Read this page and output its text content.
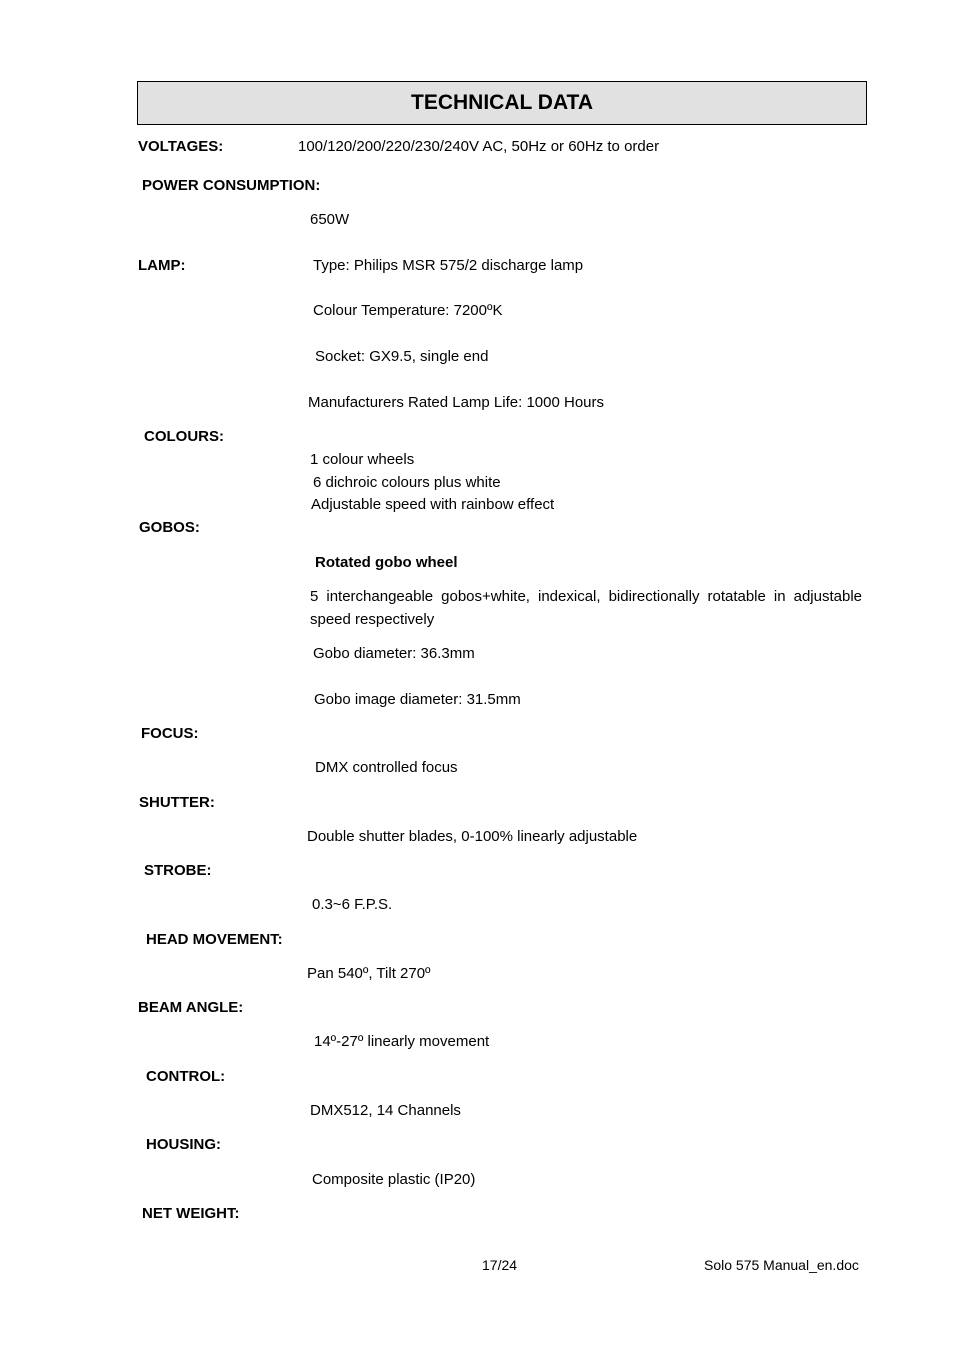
TECHNICAL DATA
VOLTAGES:	100/120/200/220/230/240V AC, 50Hz or 60Hz to order
POWER CONSUMPTION:
650W
LAMP:	Type: Philips MSR 575/2 discharge lamp
Colour Temperature: 7200ºK
Socket: GX9.5, single end
Manufacturers Rated Lamp Life: 1000 Hours
COLOURS:
1 colour wheels
6 dichroic colours plus white
Adjustable speed with rainbow effect
GOBOS:
Rotated gobo wheel
5 interchangeable gobos+white, indexical, bidirectionally rotatable in adjustable speed respectively
Gobo diameter: 36.3mm
Gobo image diameter: 31.5mm
FOCUS:
DMX controlled focus
SHUTTER:
Double shutter blades, 0-100% linearly adjustable
STROBE:
0.3~6 F.P.S.
HEAD MOVEMENT:
Pan 540º, Tilt 270º
BEAM ANGLE:
14º-27º linearly movement
CONTROL:
DMX512, 14 Channels
HOUSING:
Composite plastic (IP20)
NET WEIGHT:
17/24	Solo 575 Manual_en.doc
